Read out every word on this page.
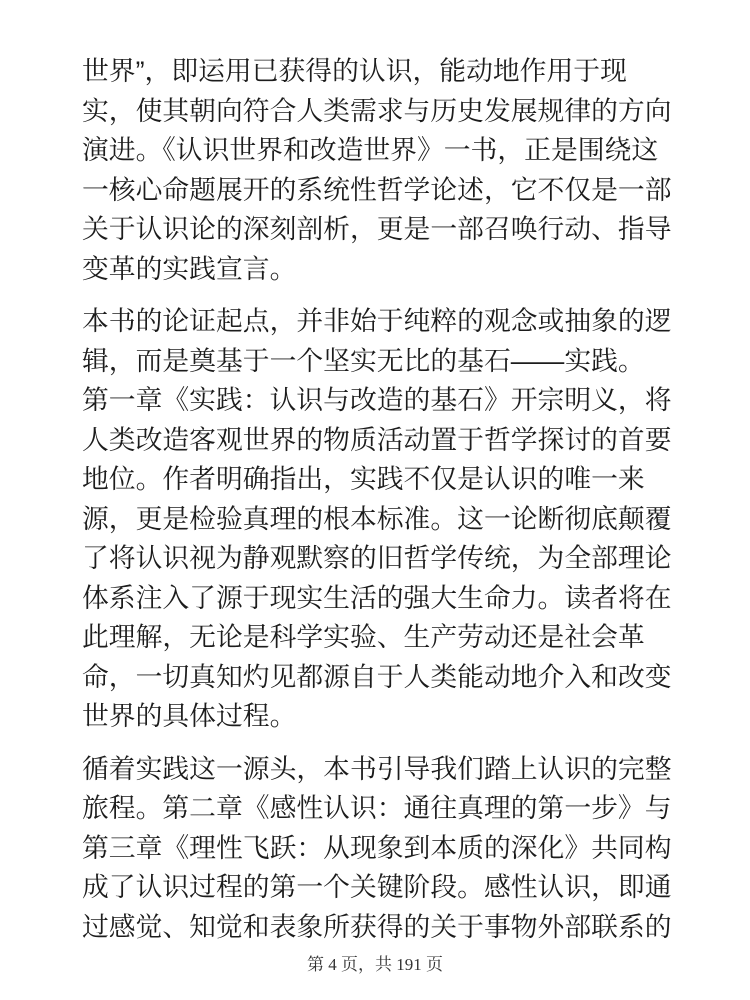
世界”，即运用已获得的认识，能动地作用于现
实，使其朝向符合人类需求与历史发展规律的方向
演进。《认识世界和改造世界》一书，正是围绕这
一核心命题展开的系统性哲学论述，它不仅是一部
关于认识论的深刻剖析，更是一部召唤行动、指导
变革的实践宣言。
本书的论证起点，并非始于纯粹的观念或抽象的逻
辑，而是奠基于一个坚实无比的基石——实践。
第一章《实践：认识与改造的基石》开宗明义，将
人类改造客观世界的物质活动置于哲学探讨的首要
地位。作者明确指出，实践不仅是认识的唯一来
源，更是检验真理的根本标准。这一论断彻底颠覆
了将认识视为静观默察的旧哲学传统，为全部理论
体系注入了源于现实生活的强大生命力。读者将在
此理解，无论是科学实验、生产劳动还是社会革
命，一切真知灼见都源自于人类能动地介入和改变
世界的具体过程。
循着实践这一源头，本书引导我们踏上认识的完整
旅程。第二章《感性认识：通往真理的第一步》与
第三章《理性飞跃：从现象到本质的深化》共同构
成了认识过程的第一个关键阶段。感性认识，即通
过感觉、知觉和表象所获得的关于事物外部联系的
第 4 页，共 191 页
